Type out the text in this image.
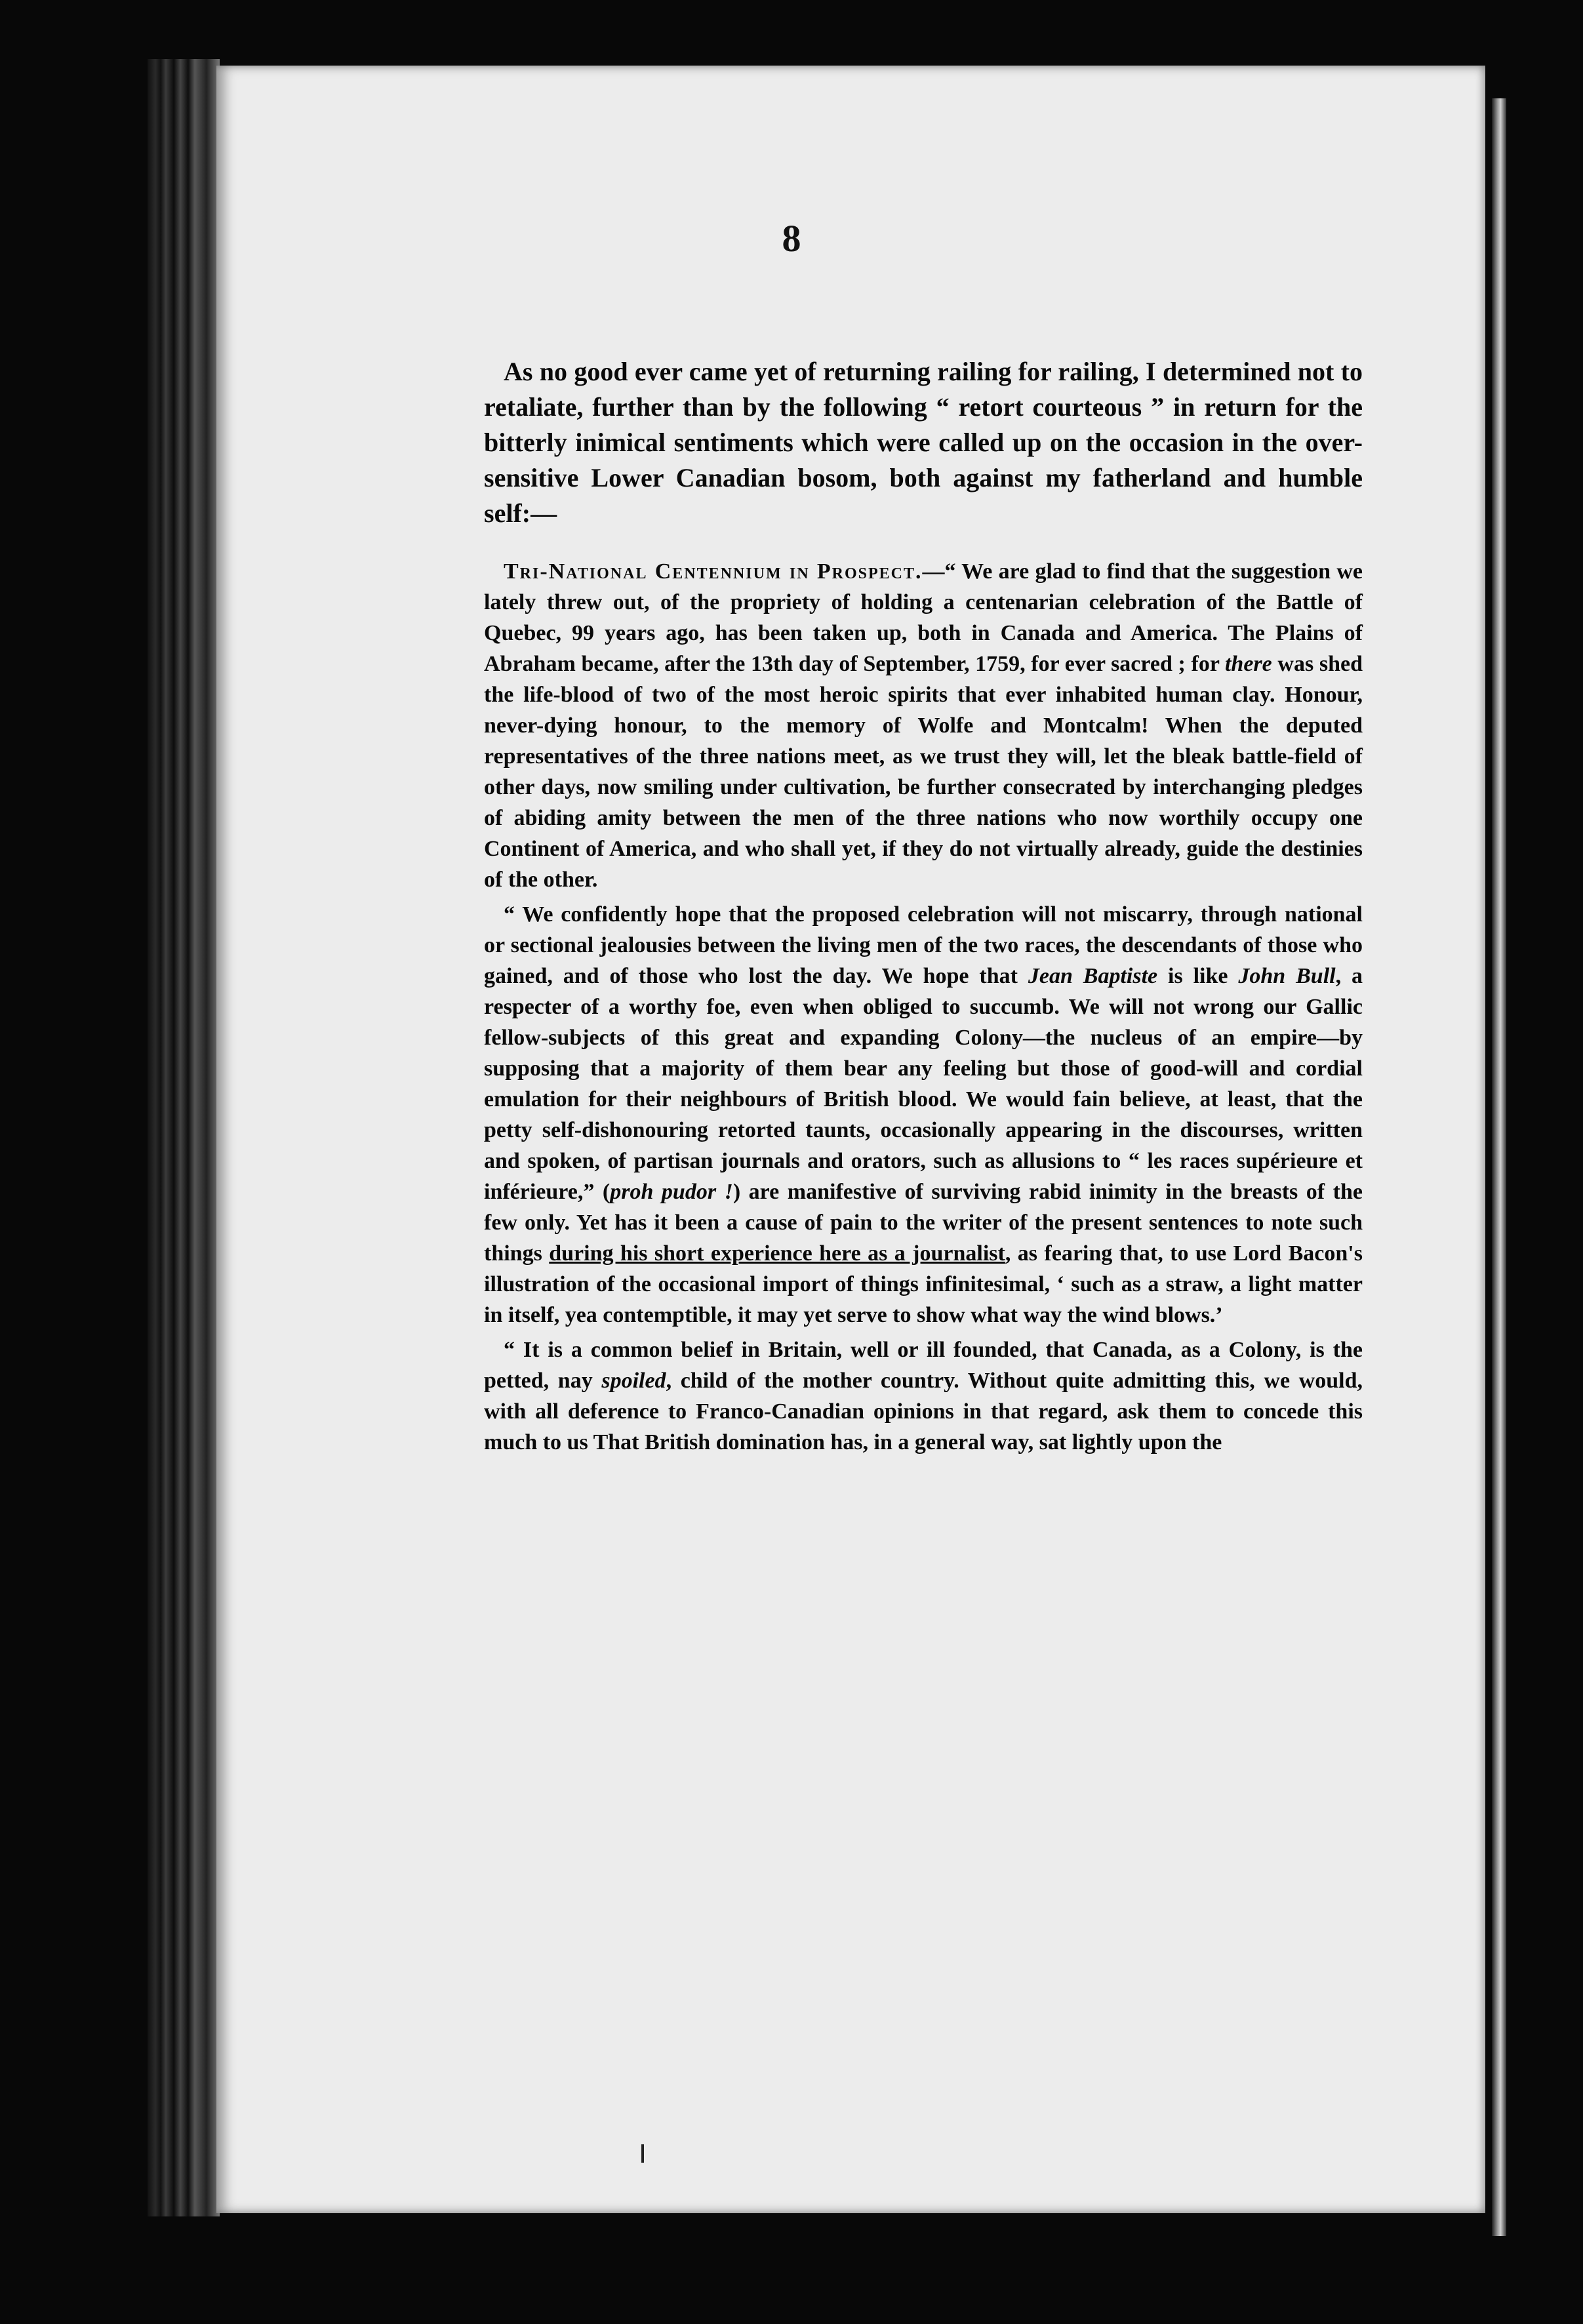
8

As no good ever came yet of returning railing for railing, I determined not to retaliate, further than by the following “ retort courteous ” in return for the bitterly inimical sentiments which were called up on the occasion in the over-sensitive Lower Canadian bosom, both against my fatherland and humble self:—

Tri-National Centennium in Prospect.—“ We are glad to find that the suggestion we lately threw out, of the propriety of holding a centenarian celebration of the Battle of Quebec, 99 years ago, has been taken up, both in Canada and America. The Plains of Abraham became, after the 13th day of September, 1759, for ever sacred ; for there was shed the life-blood of two of the most heroic spirits that ever inhabited human clay. Honour, never-dying honour, to the memory of Wolfe and Montcalm! When the deputed representatives of the three nations meet, as we trust they will, let the bleak battle-field of other days, now smiling under cultivation, be further consecrated by interchanging pledges of abiding amity between the men of the three nations who now worthily occupy one Continent of America, and who shall yet, if they do not virtually already, guide the destinies of the other.

“ We confidently hope that the proposed celebration will not miscarry, through national or sectional jealousies between the living men of the two races, the descendants of those who gained, and of those who lost the day. We hope that Jean Baptiste is like John Bull, a respecter of a worthy foe, even when obliged to succumb. We will not wrong our Gallic fellow-subjects of this great and expanding Colony—the nucleus of an empire—by supposing that a majority of them bear any feeling but those of good-will and cordial emulation for their neighbours of British blood. We would fain believe, at least, that the petty self-dishonouring retorted taunts, occasionally appearing in the discourses, written and spoken, of partisan journals and orators, such as allusions to “ les races supérieure et inférieure,” (proh pudor !) are manifestive of surviving rabid inimity in the breasts of the few only. Yet has it been a cause of pain to the writer of the present sentences to note such things during his short experience here as a journalist, as fearing that, to use Lord Bacon's illustration of the occasional import of things infinitesimal, ‘ such as a straw, a light matter in itself, yea contemptible, it may yet serve to show what way the wind blows.’

“ It is a common belief in Britain, well or ill founded, that Canada, as a Colony, is the petted, nay spoiled, child of the mother country. Without quite admitting this, we would, with all deference to Franco-Canadian opinions in that regard, ask them to concede this much to us That British domination has, in a general way, sat lightly upon the
